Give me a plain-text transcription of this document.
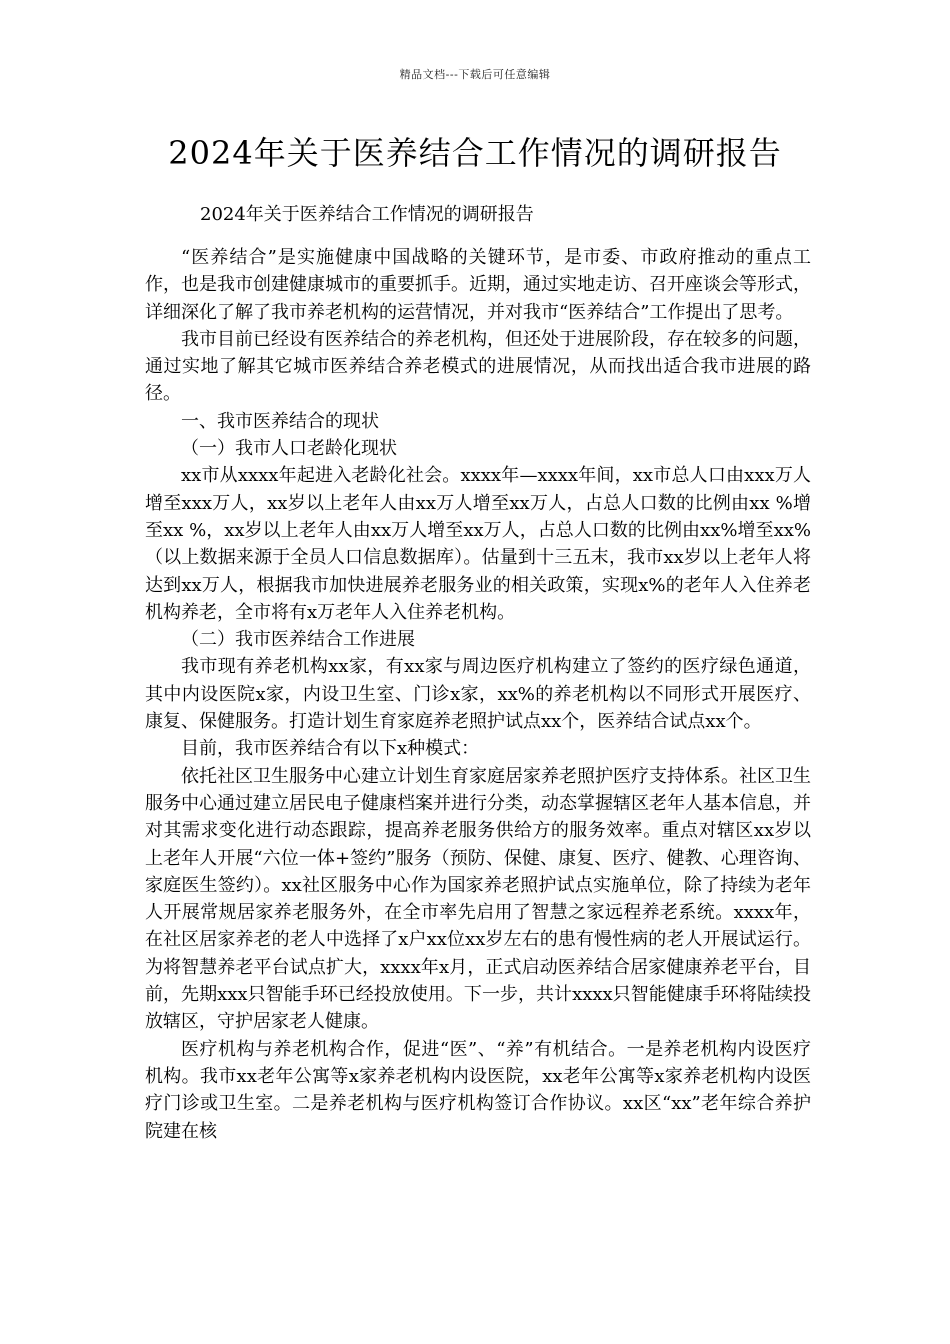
精品文档---下载后可任意编辑
2024年关于医养结合工作情况的调研报告
2024年关于医养结合工作情况的调研报告

“医养结合”是实施健康中国战略的关键环节，是市委、市政府推动的重点工作，也是我市创建健康城市的重要抓手。近期，通过实地走访、召开座谈会等形式，详细深化了解了我市养老机构的运营情况，并对我市“医养结合”工作提出了思考。

我市目前已经设有医养结合的养老机构，但还处于进展阶段，存在较多的问题，通过实地了解其它城市医养结合养老模式的进展情况，从而找出适合我市进展的路径。

一、我市医养结合的现状

（一）我市人口老龄化现状

xx市从xxxx年起进入老龄化社会。xxxx年—xxxx年间，xx市总人口由xxx万人增至xxx万人，xx岁以上老年人由xx万人增至xx万人，占总人口数的比例由xx %增至xx %，xx岁以上老年人由xx万人增至xx万人，占总人口数的比例由xx%增至xx%（以上数据来源于全员人口信息数据库）。估量到十三五末，我市xx岁以上老年人将达到xx万人，根据我市加快进展养老服务业的相关政策，实现x%的老年人入住养老机构养老，全市将有x万老年人入住养老机构。

（二）我市医养结合工作进展

我市现有养老机构xx家，有xx家与周边医疗机构建立了签约的医疗绿色通道，其中内设医院x家，内设卫生室、门诊x家，xx%的养老机构以不同形式开展医疗、康复、保健服务。打造计划生育家庭养老照护试点xx个，医养结合试点xx个。

目前，我市医养结合有以下x种模式：

依托社区卫生服务中心建立计划生育家庭居家养老照护医疗支持体系。社区卫生服务中心通过建立居民电子健康档案并进行分类，动态掌握辖区老年人基本信息，并对其需求变化进行动态跟踪，提高养老服务供给方的服务效率。重点对辖区xx岁以上老年人开展“六位一体+签约”服务（预防、保健、康复、医疗、健教、心理咨询、家庭医生签约）。xx社区服务中心作为国家养老照护试点实施单位，除了持续为老年人开展常规居家养老服务外，在全市率先启用了智慧之家远程养老系统。xxxx年，在社区居家养老的老人中选择了x户xx位xx岁左右的患有慢性病的老人开展试运行。为将智慧养老平台试点扩大，xxxx年x月，正式启动医养结合居家健康养老平台，目前，先期xxx只智能手环已经投放使用。下一步，共计xxxx只智能健康手环将陆续投放辖区，守护居家老人健康。

医疗机构与养老机构合作，促进“医”、“养”有机结合。一是养老机构内设医疗机构。我市xx老年公寓等x家养老机构内设医院，xx老年公寓等x家养老机构内设医疗门诊或卫生室。二是养老机构与医疗机构签订合作协议。xx区“xx”老年综合养护院建在核
